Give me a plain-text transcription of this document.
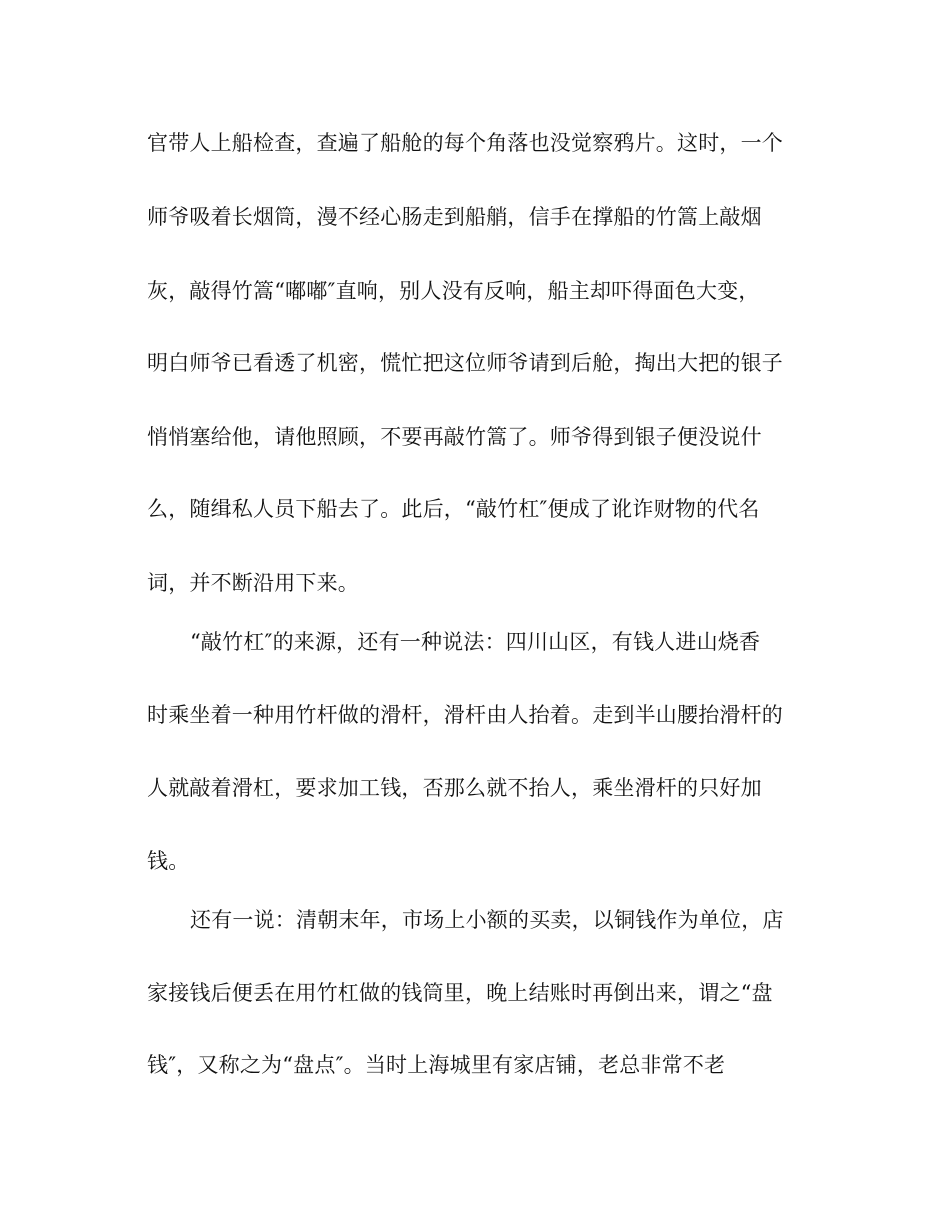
官带人上船检查，查遍了船舱的每个角落也没觉察鸦片。这时，一个
师爷吸着长烟筒，漫不经心肠走到船艄，信手在撑船的竹篙上敲烟
灰，敲得竹篙“嘟嘟″直响，别人没有反响，船主却吓得面色大变，
明白师爷已看透了机密，慌忙把这位师爷请到后舱，掏出大把的银子
悄悄塞给他，请他照顾，不要再敲竹篙了。师爷得到银子便没说什
么，随缉私人员下船去了。此后，“敲竹杠″便成了讹诈财物的代名
词，并不断沿用下来。
“敲竹杠″的来源，还有一种说法：四川山区，有钱人进山烧香
时乘坐着一种用竹杆做的滑杆，滑杆由人抬着。走到半山腰抬滑杆的
人就敲着滑杠，要求加工钱，否那么就不抬人，乘坐滑杆的只好加
钱。
还有一说：清朝末年，市场上小额的买卖，以铜钱作为单位，店
家接钱后便丢在用竹杠做的钱筒里，晚上结账时再倒出来，谓之“盘
钱″，又称之为“盘点″。当时上海城里有家店铺，老总非常不老
